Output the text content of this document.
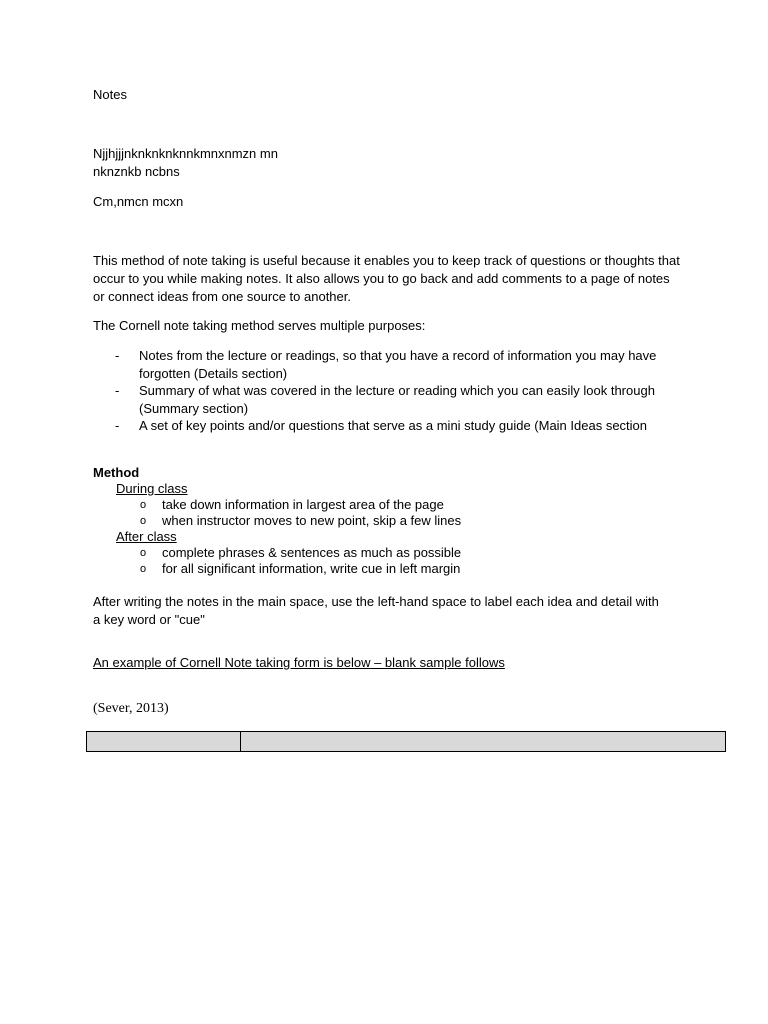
Notes
Njjhjjjnknknknknnkmnxnmzn mn
nknznkb ncbns
Cm,nmcn mcxn
This method of note taking is useful because it enables you to keep track of questions or thoughts that occur to you while making notes. It also allows you to go back and add comments to a page of notes or connect ideas from one source to another.
The Cornell note taking method serves multiple purposes:
- Notes from the lecture or readings, so that you have a record of information you may have forgotten (Details section)
- Summary of what was covered in the lecture or reading which you can easily look through (Summary section)
- A set of key points and/or questions that serve as a mini study guide (Main Ideas section
Method
During class
o take down information in largest area of the page
o when instructor moves to new point, skip a few lines
After class
o complete phrases & sentences as much as possible
o for all significant information, write cue in left margin
After writing the notes in the main space, use the left-hand space to label each idea and detail with a key word or "cue"
An example of Cornell Note taking form is below – blank sample follows
(Sever, 2013)
